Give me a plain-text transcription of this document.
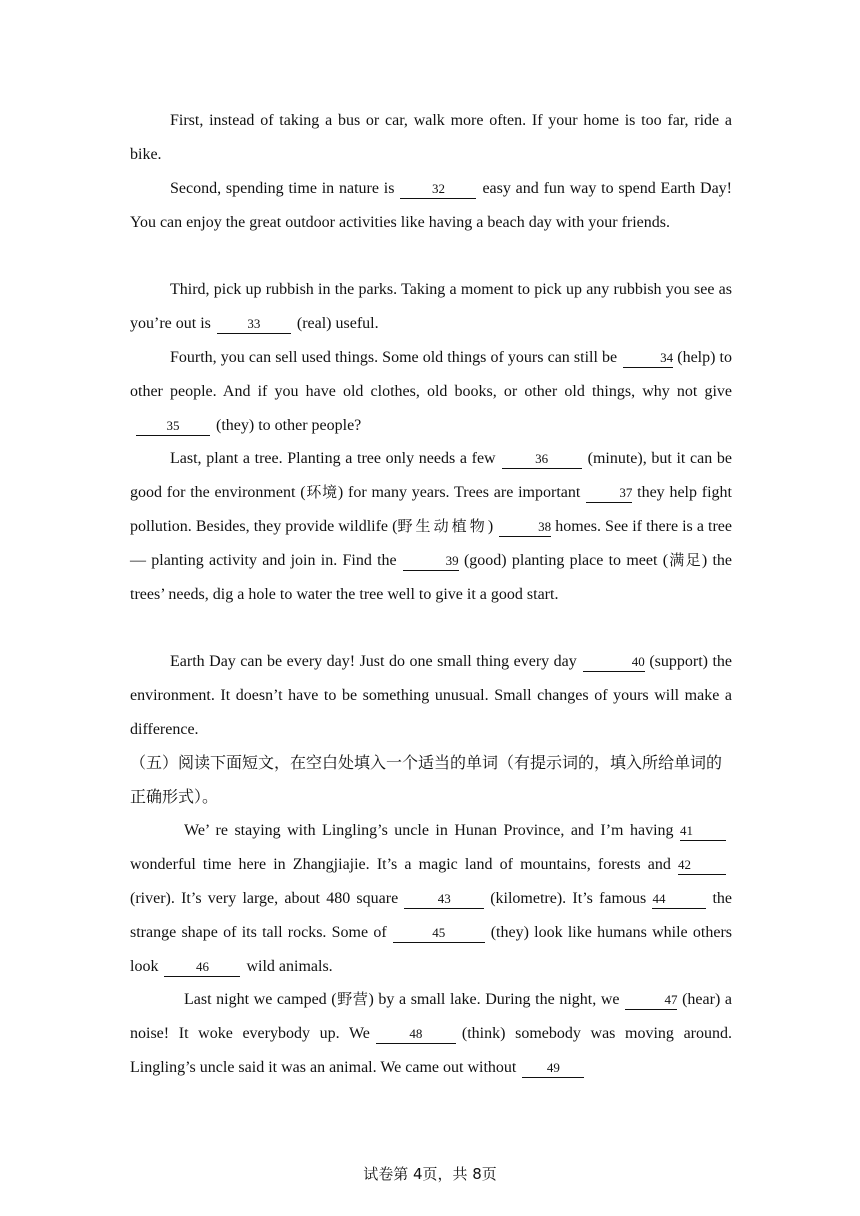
First, instead of taking a bus or car, walk more often. If your home is too far, ride a bike.

Second, spending time in nature is	32 easy and fun way to spend Earth Day! You can enjoy the great outdoor activities like having a beach day with your friends.

Third, pick up rubbish in the parks. Taking a moment to pick up any rubbish you see as you’re out is	33 (real) useful.

Fourth, you can sell used things. Some old things of yours can still be	34 (help) to other people. And if you have old clothes, old books, or other old things, why not give35 (they) to other people?

Last, plant a tree. Planting a tree only needs a few	36 (minute), but it can be good for the environment (环境) for many years. Trees are important	37 they help fight pollution. Besides, they provide wildlife (野生动植物)	38 homes. See if there is a tree — planting activity and join in. Find the	39 (good) planting place to meet (满足) the trees’ needs, dig a hole to water the tree well to give it a good start.

Earth Day can be every day! Just do one small thing every day	40 (support) the environment. It doesn’t have to be something unusual. Small changes of yours will make a difference.

（五）阅读下面短文，在空白处填入一个适当的单词（有提示词的，填入所给单词的正确形式）。

We’ re staying with Lingling’s uncle in Hunan Province, and I’m having 41wonderful time here in Zhangjiajie. It’s a magic land of mountains, forests and 42(river). It’s very large, about 480 square	43 (kilometre). It’s famous 44	the strange shape of its tall rocks. Some of	45	(they) look like humans while others look	46 wild animals.

Last night we camped (野营) by a small lake. During the night, we	47 (hear) a noise! It woke everybody up. We	48 (think) somebody was moving around. Lingling’s uncle said it was an animal. We came out without 49

试卷第 4页，共 8页
